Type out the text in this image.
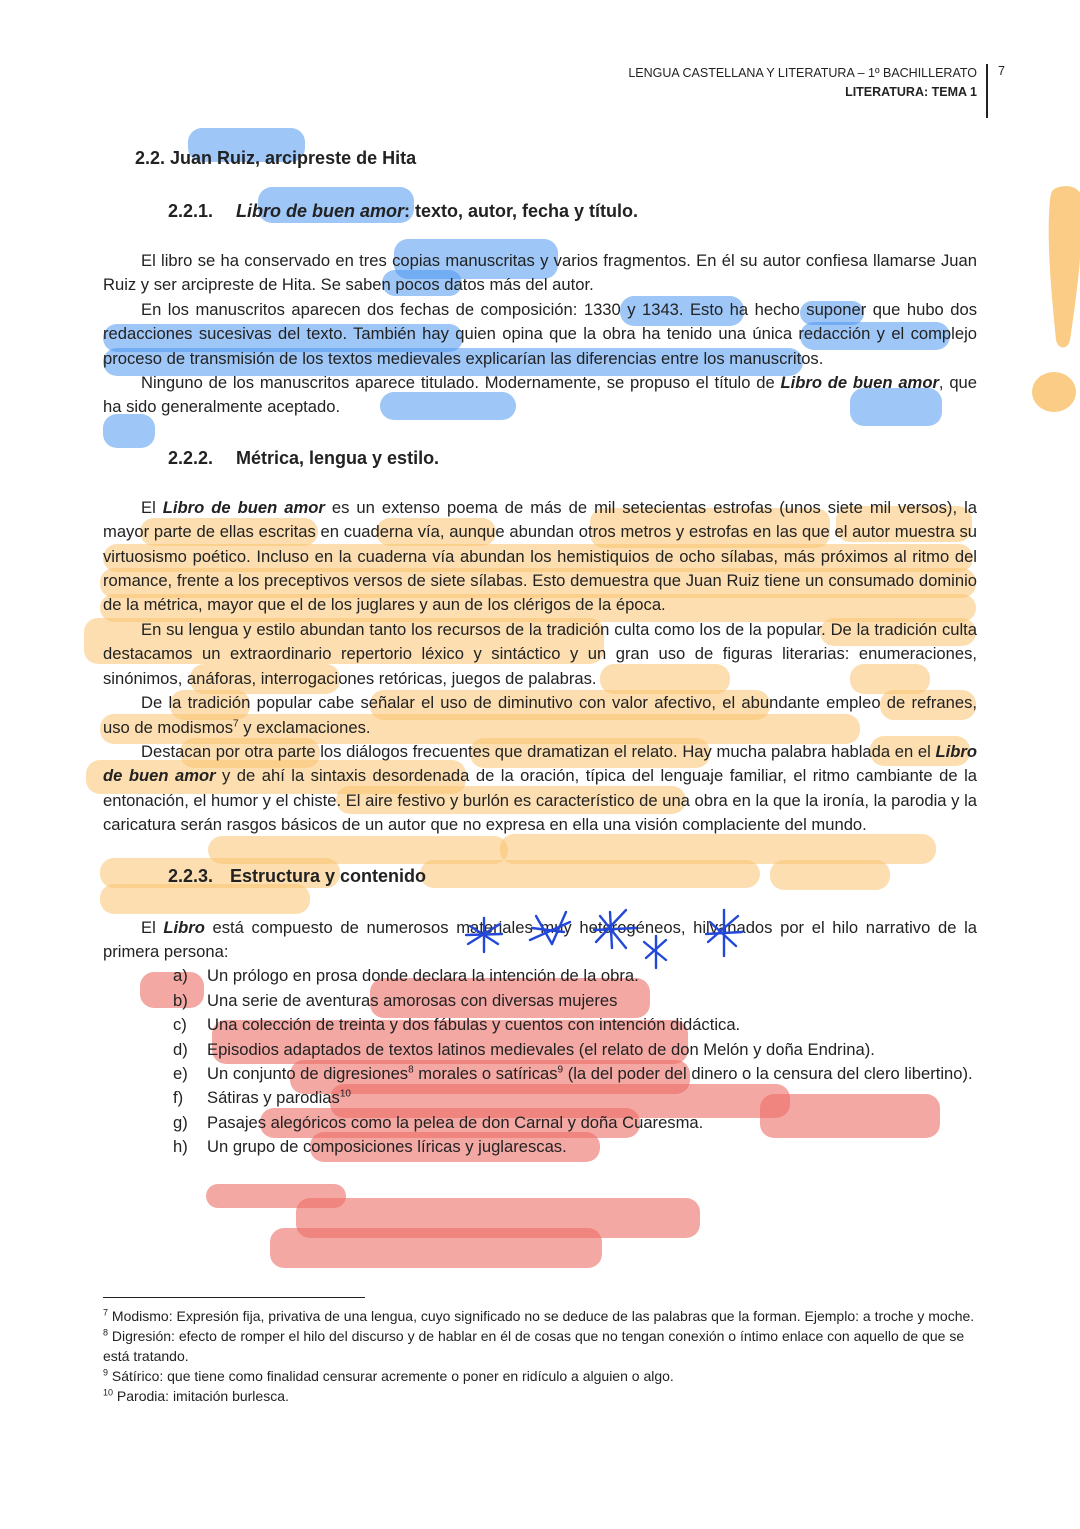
LENGUA CASTELLANA Y LITERATURA – 1º BACHILLERATO
LITERATURA: TEMA 1
7
2.2. Juan Ruiz, arcipreste de Hita
2.2.1. Libro de buen amor: texto, autor, fecha y título.

El libro se ha conservado en tres copias manuscritas y varios fragmentos. En él su autor confiesa llamarse Juan Ruiz y ser arcipreste de Hita. Se saben pocos datos más del autor.

En los manuscritos aparecen dos fechas de composición: 1330 y 1343. Esto ha hecho suponer que hubo dos redacciones sucesivas del texto. También hay quien opina que la obra ha tenido una única redacción y el complejo proceso de transmisión de los textos medievales explicarían las diferencias entre los manuscritos.

Ninguno de los manuscritos aparece titulado. Modernamente, se propuso el título de Libro de buen amor, que ha sido generalmente aceptado.

2.2.2. Métrica, lengua y estilo.

El Libro de buen amor es un extenso poema de más de mil setecientas estrofas (unos siete mil versos), la mayor parte de ellas escritas en cuaderna vía, aunque abundan otros metros y estrofas en las que el autor muestra su virtuosismo poético. Incluso en la cuaderna vía abundan los hemistiquios de ocho sílabas, más próximos al ritmo del romance, frente a los preceptivos versos de siete sílabas. Esto demuestra que Juan Ruiz tiene un consumado dominio de la métrica, mayor que el de los juglares y aun de los clérigos de la época.

En su lengua y estilo abundan tanto los recursos de la tradición culta como los de la popular. De la tradición culta destacamos un extraordinario repertorio léxico y sintáctico y un gran uso de figuras literarias: enumeraciones, sinónimos, anáforas, interrogaciones retóricas, juegos de palabras.

De la tradición popular cabe señalar el uso de diminutivo con valor afectivo, el abundante empleo de refranes, uso de modismos$^7$ y exclamaciones.

Destacan por otra parte los diálogos frecuentes que dramatizan el relato. Hay mucha palabra hablada en el Libro de buen amor y de ahí la sintaxis desordenada de la oración, típica del lenguaje familiar, el ritmo cambiante de la entonación, el humor y el chiste. El aire festivo y burlón es característico de una obra en la que la ironía, la parodia y la caricatura serán rasgos básicos de un autor que no expresa en ella una visión complaciente del mundo.

2.2.3. Estructura y contenido

El Libro está compuesto de numerosos materiales muy heterogéneos, hilvanados por el hilo narrativo de la primera persona:

a) Un prólogo en prosa donde declara la intención de la obra.
b) Una serie de aventuras amorosas con diversas mujeres
c) Una colección de treinta y dos fábulas y cuentos con intención didáctica.
d) Episodios adaptados de textos latinos medievales (el relato de don Melón y doña Endrina).
e) Un conjunto de digresiones$^8$ morales o satíricas$^9$ (la del poder del dinero o la censura del clero libertino).
f) Sátiras y parodias$^{10}$
g) Pasajes alegóricos como la pelea de don Carnal y doña Cuaresma.
h) Un grupo de composiciones líricas y juglarescas.
$^7$ Modismo: Expresión fija, privativa de una lengua, cuyo significado no se deduce de las palabras que la forman. Ejemplo: a troche y moche.
$^8$ Digresión: efecto de romper el hilo del discurso y de hablar en él de cosas que no tengan conexión o íntimo enlace con aquello de que se está tratando.
$^9$ Sátírico: que tiene como finalidad censurar acremente o poner en ridículo a alguien o algo.
$^{10}$ Parodia: imitación burlesca.
